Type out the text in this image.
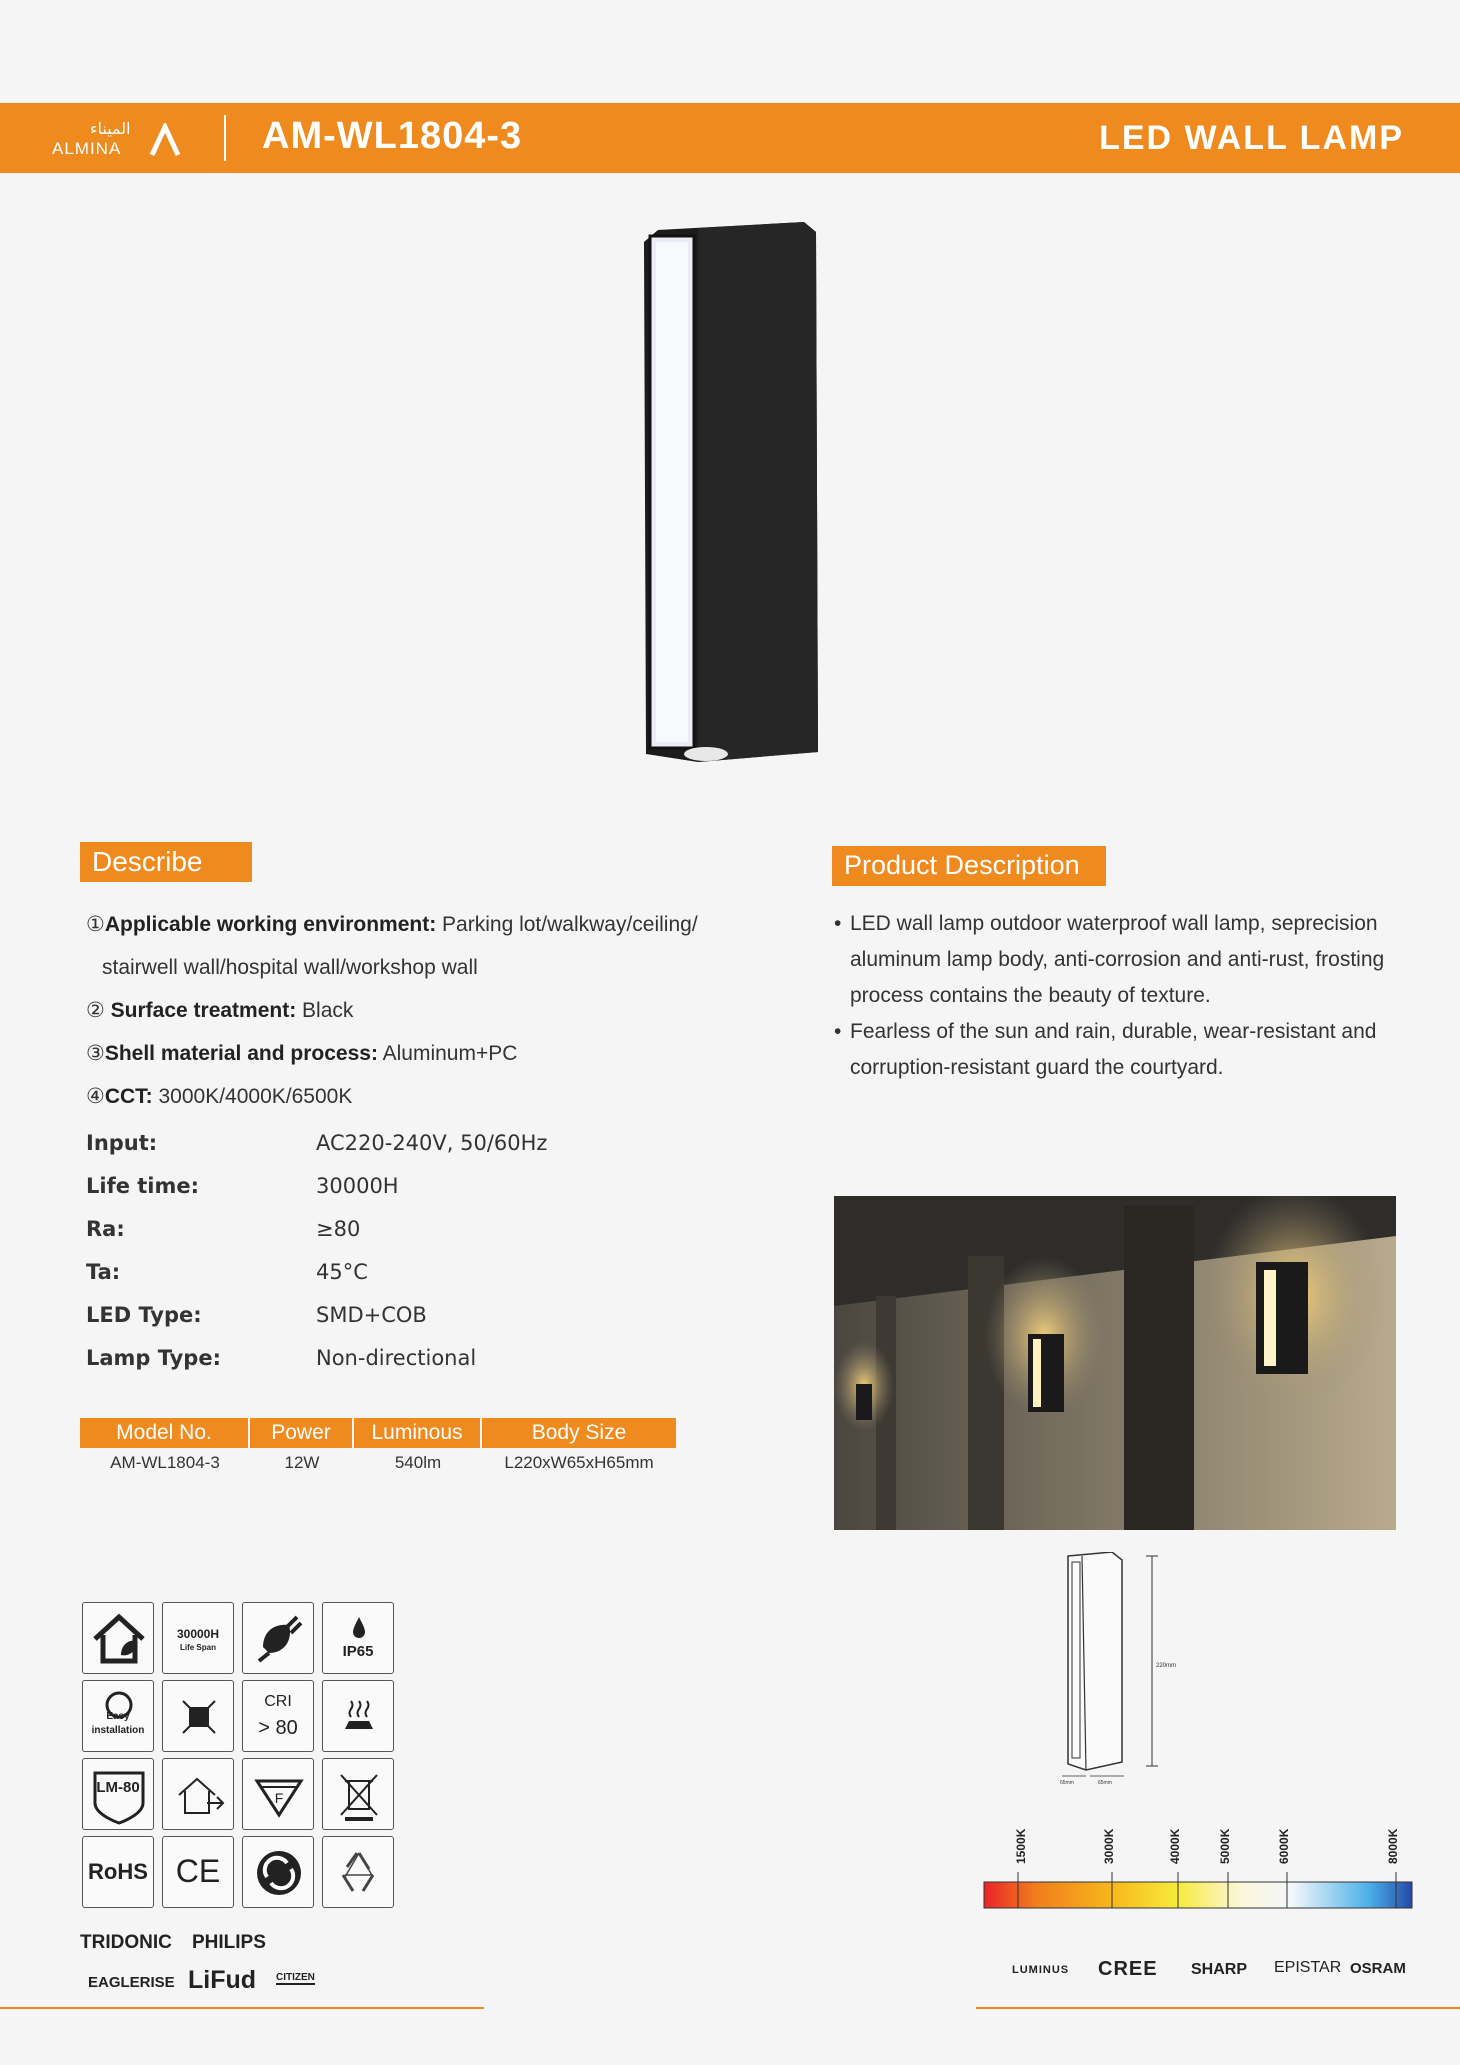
الميناء
ALMINA	AM-WL1804-3	LED WALL LAMP
Describe
①Applicable working environment: Parking lot/walkway/ceiling/
stairwell wall/hospital wall/workshop wall
② Surface treatment: Black
③Shell material and process: Aluminum+PC
④CCT: 3000K/4000K/6500K
Input:	AC220-240V, 50/60Hz
Life time:	30000H
Ra:	≥80
Ta:	45°C
LED Type:	SMD+COB
Lamp Type:	Non-directional
Model No.	Power	Luminous	Body Size
AM-WL1804-3	12W	540lm	L220xW65xH65mm
Product Description
• LED wall lamp outdoor waterproof wall lamp, seprecision aluminum lamp body, anti-corrosion and anti-rust, frosting process contains the beauty of texture.
• Fearless of the sun and rain, durable, wear-resistant and corruption-resistant guard the courtyard.
30000H
Life Span	IP65
Easy
installation
CRI
> 80
LM-80
F
RoHS CE
TRIDONIC PHILIPS
EAGLERISE LiFud CITIZEN
220mm
65mm	65mm
1500K	3000K	4000K	5000K	6000K	8000K
LUMINUS CREE SHARP EPISTAR OSRAM
